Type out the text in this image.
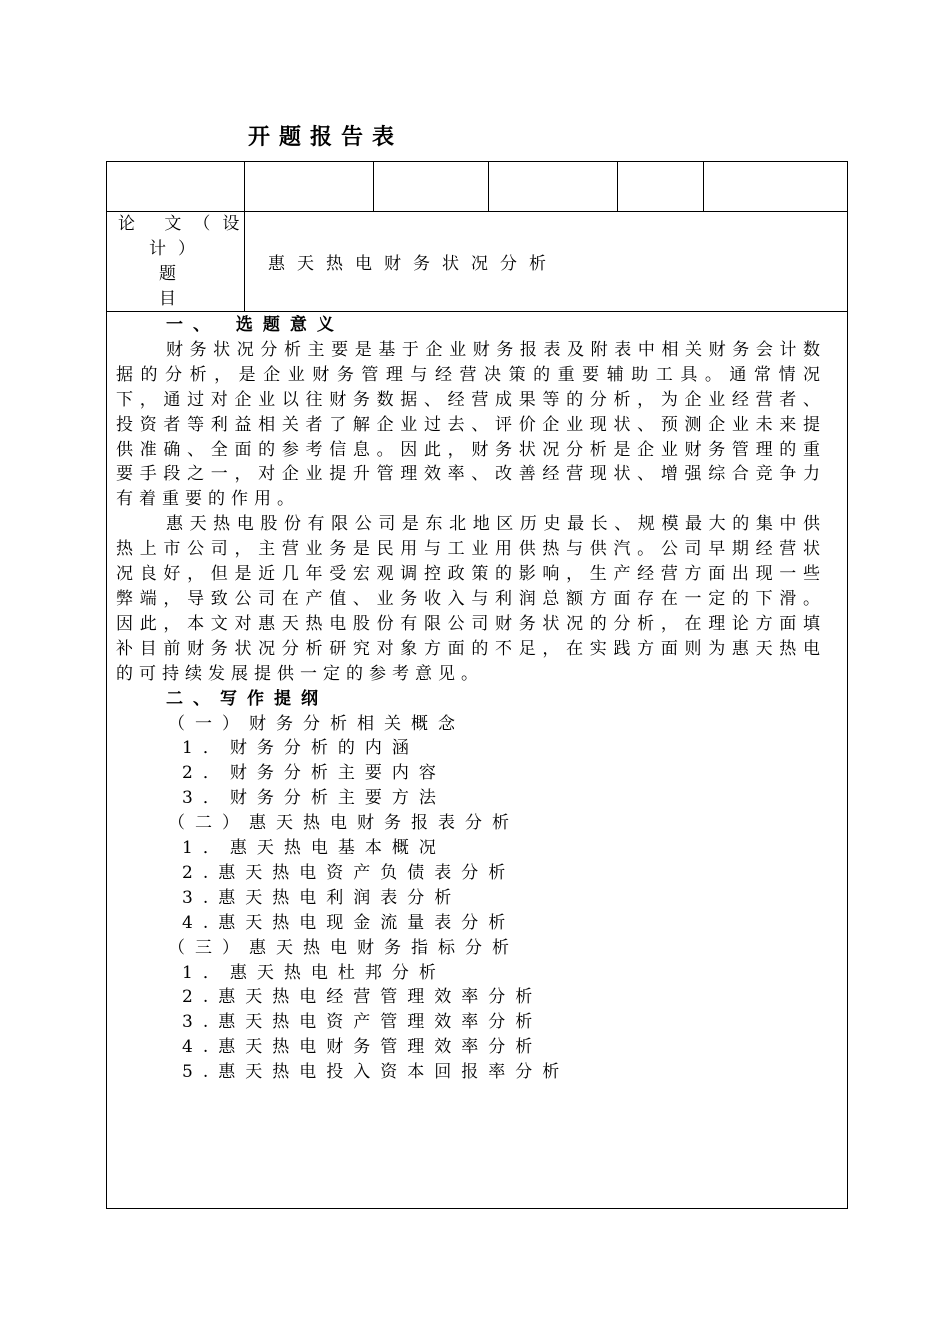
开题报告表
论 文（设
计）
题
目
惠天热电财务状况分析
一、 选题意义

财务状况分析主要是基于企业财务报表及附表中相关财务会计数据的分析，是企业财务管理与经营决策的重要辅助工具。通常情况下，通过对企业以往财务数据、经营成果等的分析，为企业经营者、投资者等利益相关者了解企业过去、评价企业现状、预测企业未来提供准确、全面的参考信息。因此，财务状况分析是企业财务管理的重要手段之一，对企业提升管理效率、改善经营现状、增强综合竞争力有着重要的作用。

惠天热电股份有限公司是东北地区历史最长、规模最大的集中供热上市公司，主营业务是民用与工业用供热与供汽。公司早期经营状况良好，但是近几年受宏观调控政策的影响，生产经营方面出现一些弊端，导致公司在产值、业务收入与利润总额方面存在一定的下滑。因此，本文对惠天热电股份有限公司财务状况的分析，在理论方面填补目前财务状况分析研究对象方面的不足，在实践方面则为惠天热电的可持续发展提供一定的参考意见。

二、写作提纲
（一）财务分析相关概念
1．财务分析的内涵
2．财务分析主要内容
3．财务分析主要方法
（二）惠天热电财务报表分析
1．惠天热电基本概况
2.惠天热电资产负债表分析
3.惠天热电利润表分析
4.惠天热电现金流量表分析
（三）惠天热电财务指标分析
1．惠天热电杜邦分析
2.惠天热电经营管理效率分析
3.惠天热电资产管理效率分析
4.惠天热电财务管理效率分析
5.惠天热电投入资本回报率分析
